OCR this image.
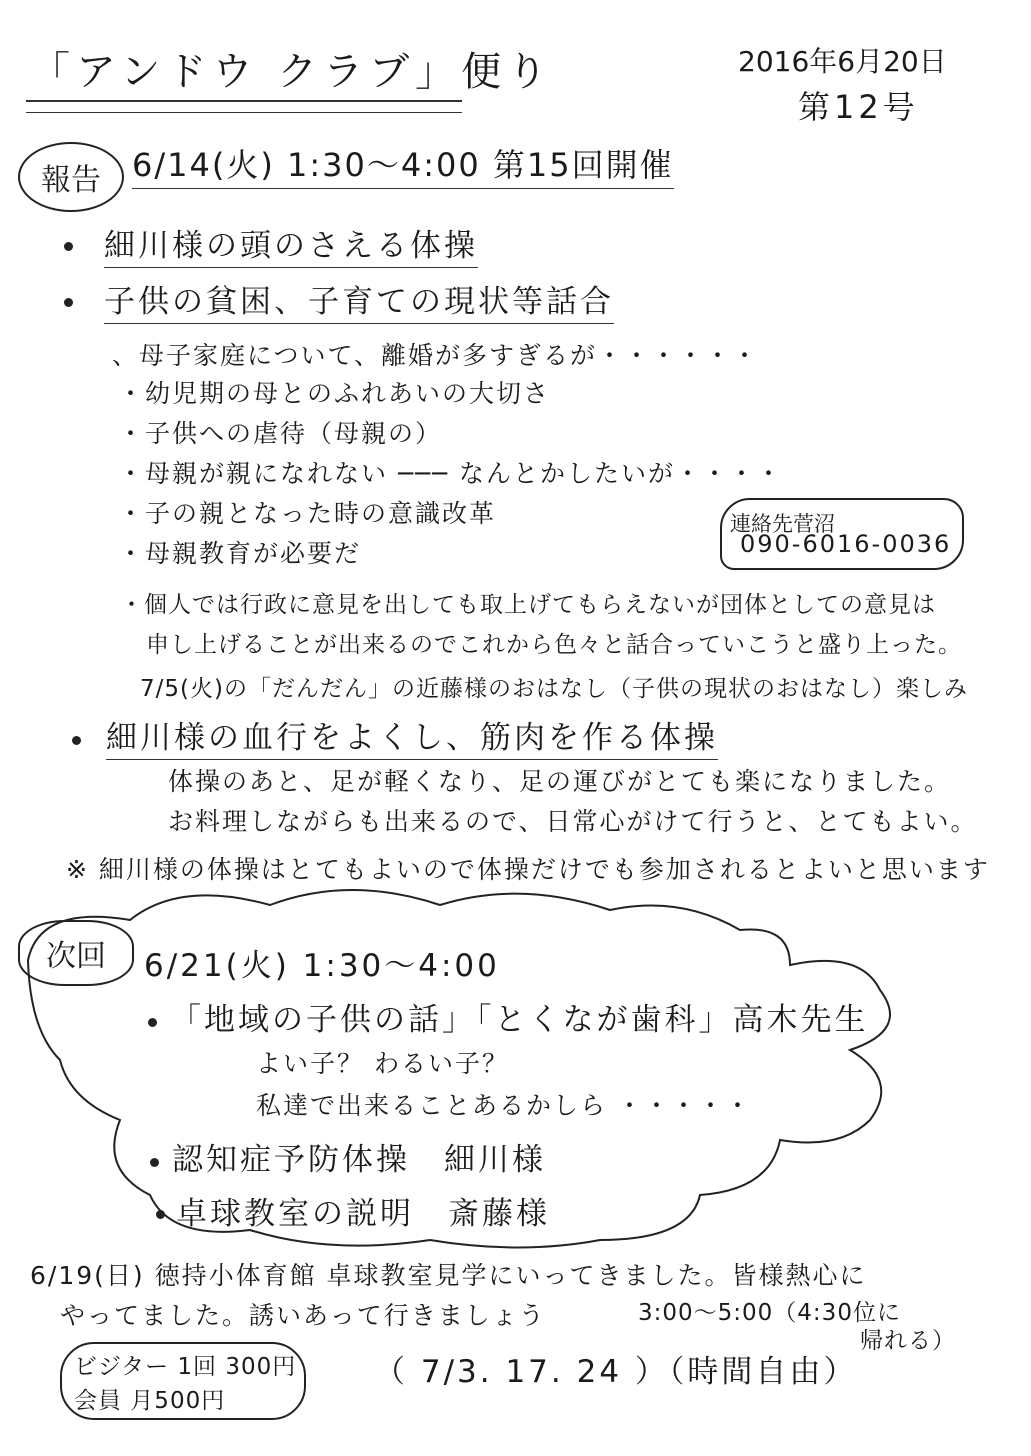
「アンドウ クラブ」便り	2016年6月20日
第12号
報告 6/14(火) 1:30〜4:00 第15回開催
細川様の頭のさえる体操
子供の貧困、子育ての現状等話合
、母子家庭について、離婚が多すぎるが・・・・・・
・幼児期の母とのふれあいの大切さ
・子供への虐待（母親の）
・母親が親になれない ─── なんとかしたいが・・・・
・子の親となった時の意識改革
・母親教育が必要だ
連絡先菅沼
090-6016-0036
・個人では行政に意見を出しても取上げてもらえないが団体としての意見は
申し上げることが出来るのでこれから色々と話合っていこうと盛り上った。
7/5(火)の「だんだん」の近藤様のおはなし（子供の現状のおはなし）楽しみ
細川様の血行をよくし、筋肉を作る体操
体操のあと、足が軽くなり、足の運びがとても楽になりました。
お料理しながらも出来るので、日常心がけて行うと、とてもよい。
※ 細川様の体操はとてもよいので体操だけでも参加されるとよいと思います
次回	6/21(火) 1:30〜4:00
「地域の子供の話」「とくなが歯科」高木先生
よい子？ わるい子？
私達で出来ることあるかしら ・・・・・
認知症予防体操　細川様
卓球教室の説明　斎藤様
6/19(日) 徳持小体育館 卓球教室見学にいってきました。皆様熱心に
やってました。誘いあって行きましょう	3:00〜5:00（4:30位に
帰れる）
ビジター 1回 300円
会員 月500円
（ 7/3. 17. 24 ）（時間自由）
